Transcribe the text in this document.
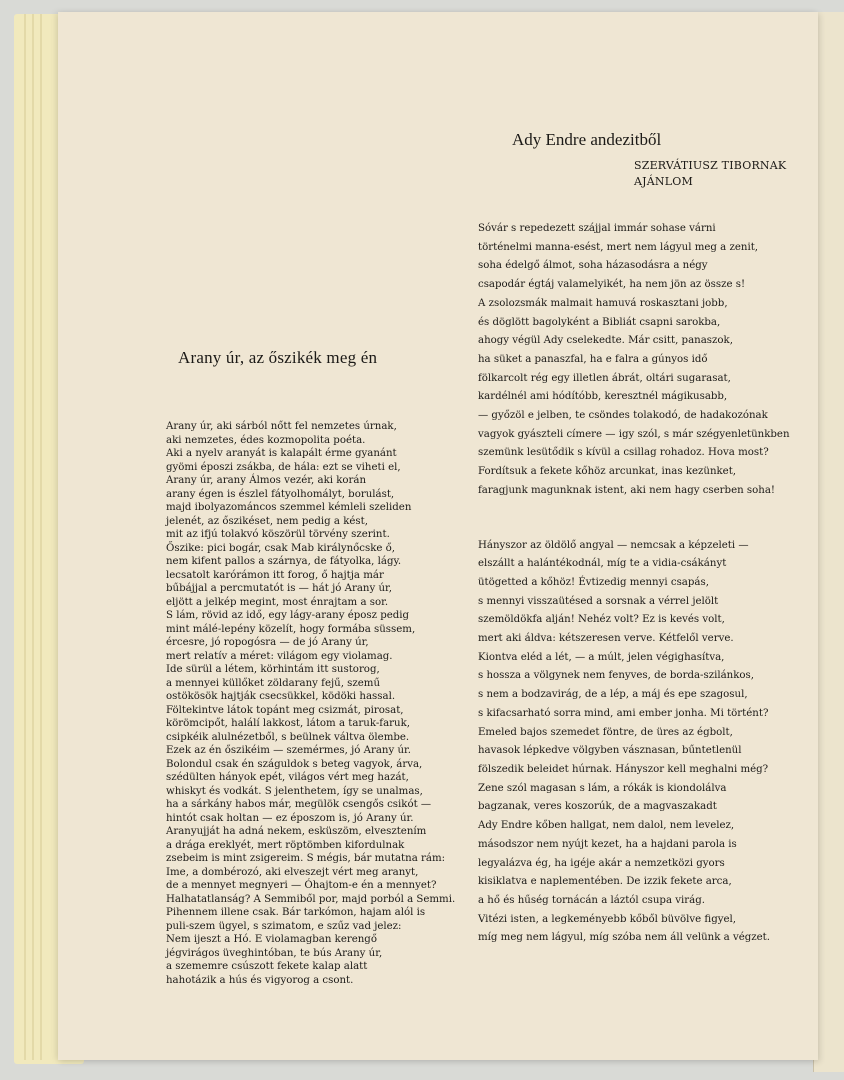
Arany úr, az őszikék meg én
Arany úr, aki sárból nőtt fel nemzetes úrnak,
aki nemzetes, édes kozmopolita poéta.
Aki a nyelv aranyát is kalapált érme gyanánt
gyömi époszi zsákba, de hála: ezt se viheti el,
Arany úr, arany Álmos vezér, aki korán
arany égen is észlel fátyolhomályt, borulást,
majd ibolyazománcos szemmel kémleli szeliden
jelenét, az őszikéset, nem pedig a kést,
mit az ifjú tolakvó köszörül törvény szerint.
Őszike: pici bogár, csak Mab királynőcske ő,
nem kifent pallos a szárnya, de fátyolka, lágy.
lecsatolt karórámon itt forog, ő hajtja már
bűbájjal a percmutatót is — hát jó Arany úr,
eljött a jelkép megint, most énrajtam a sor.
S lám, rövid az idő, egy lágy-arany éposz pedig
mint málé-lepény közelít, hogy formába süssem,
ércesre, jó ropogósra — de jó Arany úr,
mert relatív a méret: világom egy violamag.
Ide sürül a létem, körhintám itt sustorog,
a mennyei küllőket zöldarany fejű, szemű
ostökösök hajtják csecsükkel, ködöki hassal.
Föltekintve látok topánt meg csizmát, pirosat,
körömcipőt, halálí lakkost, látom a taruk-faruk,
csipkéik alulnézetből, s beülnek váltva ölembe.
Ezek az én őszikéim — szemérmes, jó Arany úr.
Bolondul csak én száguldok s beteg vagyok, árva,
szédülten hányok epét, világos vért meg hazát,
whiskyt és vodkát. S jelenthetem, így se unalmas,
ha a sárkány habos már, megülök csengős csikót —
hintót csak holtan — ez époszom is, jó Arany úr.
Aranyujját ha adná nekem, esküszöm, elvesztením
a drága ereklyét, mert röptömben kifordulnak
zsebeim is mint zsigereim. S mégis, bár mutatna rám:
Ime, a dombérozó, aki elveszejt vért meg aranyt,
de a mennyet megnyeri — Óhajtom-e én a mennyet?
Halhatatlanság? A Semmiből por, majd porból a Semmi.
Pihennem illene csak. Bár tarkómon, hajam alól is
puli-szem ügyel, s szimatom, e szűz vad jelez:
Nem ijeszt a Hó. E violamagban kerengő
jégvirágos üveghintóban, te bús Arany úr,
a szememre csúszott fekete kalap alatt
hahotázik a hús és vigyorog a csont.
Ady Endre andezitből
SZERVÁTIUSZ TIBORNAK
AJÁNLOM
Sóvár s repedezett szájjal immár sohase várni
történelmi manna-esést, mert nem lágyul meg a zenit,
soha édelgő álmot, soha házasodásra a négy
csapodár égtáj valamelyikét, ha nem jön az össze s!
A zsolozsmák malmait hamuvá roskasztani jobb,
és döglött bagolyként a Bibliát csapni sarokba,
ahogy végül Ady cselekedte. Már csitt, panaszok,
ha süket a panaszfal, ha e falra a gúnyos idő
fölkarcolt rég egy illetlen ábrát, oltári sugarasat,
kardélnél ami hódítóbb, keresztnél mágikusabb,
— győzöl e jelben, te csöndes tolakodó, de hadakozónak
vagyok gyászteli címere — igy szól, s már szégyenletünkben
szemünk lesütődik s kívül a csillag rohadoz. Hova most?
Fordítsuk a fekete kőhöz arcunkat, inas kezünket,
faragjunk magunknak istent, aki nem hagy cserben soha!
Hányszor az öldölő angyal — nemcsak a képzeleti —
elszállt a halántékodnál, míg te a vidia-csákányt
ütögetted a kőhöz! Évtizedig mennyi csapás,
s mennyi visszaütésed a sorsnak a vérrel jelölt
szemöldökfa alján! Nehéz volt? Ez is kevés volt,
mert aki áldva: kétszeresen verve. Kétfelől verve.
Kiontva eléd a lét, — a múlt, jelen végighasítva,
s hossza a völgynek nem fenyves, de borda-szilánkos,
s nem a bodzavirág, de a lép, a máj és epe szagosul,
s kifacsarható sorra mind, ami ember jonha. Mi történt?
Emeled bajos szemedet föntre, de üres az égbolt,
havasok lépkedve völgyben vásznasan, bűntetlenül
fölszedik beleidet húrnak. Hányszor kell meghalni még?
Zene szól magasan s lám, a rókák is kiondolálva
bagzanak, veres koszorúk, de a magvaszakadt
Ady Endre kőben hallgat, nem dalol, nem levelez,
másodszor nem nyújt kezet, ha a hajdani parola is
legyalázva ég, ha igéje akár a nemzetközi gyors
kisiklatva e naplementében. De izzik fekete arca,
a hő és hűség tornácán a láztól csupa virág.
Vitézi isten, a legkeményebb kőből büvölve figyel,
míg meg nem lágyul, míg szóba nem áll velünk a végzet.
